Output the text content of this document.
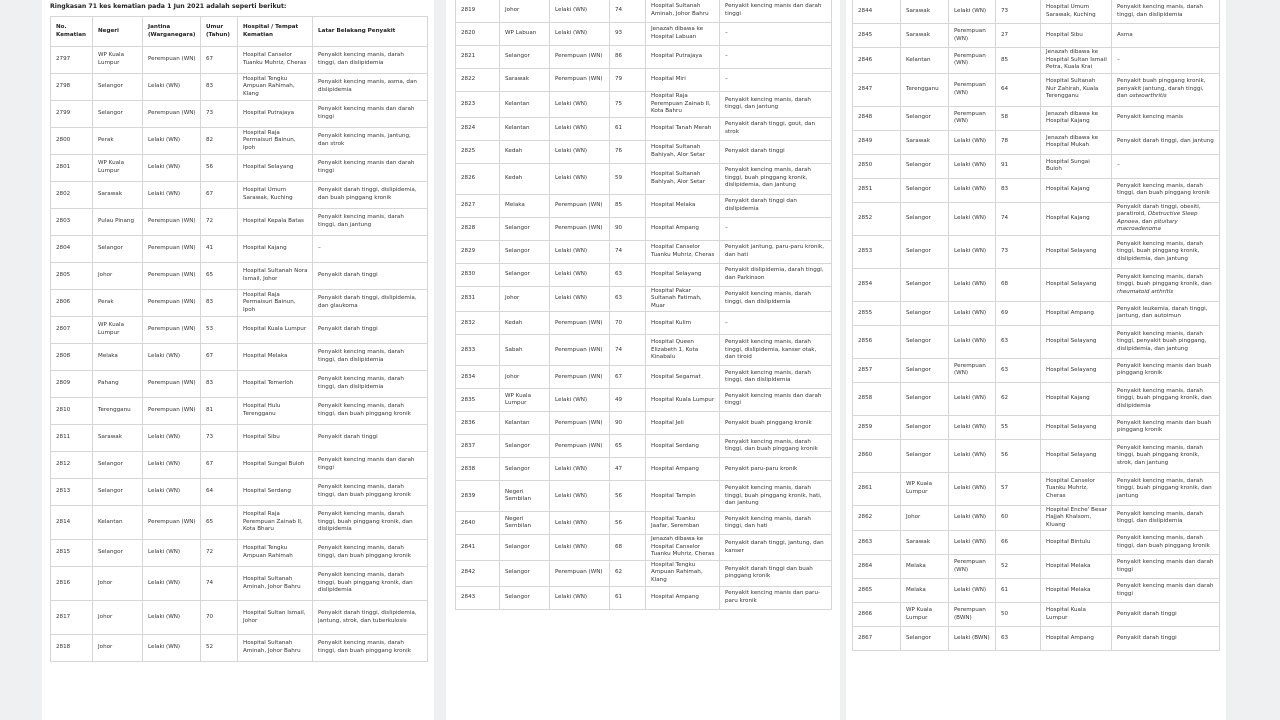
Ringkasan 71 kes kematian pada 1 Jun 2021 adalah seperti berikut:
No. Kematian	Negeri	Jantina (Warganegara)	Umur (Tahun)	Hospital / Tempat Kematian	Latar Belakang Penyakit
2797	WP Kuala Lumpur	Perempuan (WN)	67	Hospital Canselor Tuanku Muhriz, Cheras	Penyakit kencing manis, darah tinggi, dan dislipidemia
2798	Selangor	Lelaki (WN)	83	Hospital Tengku Ampuan Rahimah, Klang	Penyakit kencing manis, asma, dan dislipidemia
2799	Selangor	Perempuan (WN)	73	Hospital Putrajaya	Penyakit kencing manis dan darah tinggi
2800	Perak	Lelaki (WN)	82	Hospital Raja Permaisuri Bainun, Ipoh	Penyakit kencing manis, jantung, dan strok
2801	WP Kuala Lumpur	Lelaki (WN)	56	Hospital Selayang	Penyakit kencing manis dan darah tinggi
2802	Sarawak	Lelaki (WN)	67	Hospital Umum Sarawak, Kuching	Penyakit darah tinggi, dislipidemia, dan buah pinggang kronik
2803	Pulau Pinang	Perempuan (WN)	72	Hospital Kepala Batas	Penyakit kencing manis, darah tinggi, dan jantung
2804	Selangor	Perempuan (WN)	41	Hospital Kajang	–
2805	Johor	Perempuan (WN)	65	Hospital Sultanah Nora Ismail, Johor	Penyakit darah tinggi
2806	Perak	Perempuan (WN)	83	Hospital Raja Permaisuri Bainun, Ipoh	Penyakit darah tinggi, dislipidemia, dan glaukoma
2807	WP Kuala Lumpur	Perempuan (WN)	53	Hospital Kuala Lumpur	Penyakit darah tinggi
2808	Melaka	Lelaki (WN)	67	Hospital Melaka	Penyakit kencing manis, darah tinggi, dan dislipidemia
2809	Pahang	Perempuan (WN)	83	Hospital Temerloh	Penyakit kencing manis, darah tinggi, dan dislipidemia
2810	Terengganu	Perempuan (WN)	81	Hospital Hulu Terengganu	Penyakit kencing manis, darah tinggi, dan buah pinggang kronik
2811	Sarawak	Lelaki (WN)	73	Hospital Sibu	Penyakit darah tinggi
2812	Selangor	Lelaki (WN)	67	Hospital Sungai Buloh	Penyakit kencing manis dan darah tinggi
2813	Selangor	Lelaki (WN)	64	Hospital Serdang	Penyakit kencing manis, darah tinggi, dan buah pinggang kronik
2814	Kelantan	Perempuan (WN)	65	Hospital Raja Perempuan Zainab II, Kota Bharu	Penyakit kencing manis, darah tinggi, buah pinggang kronik, dan dislipidemia
2815	Selangor	Lelaki (WN)	72	Hospital Tengku Ampuan Rahimah	Penyakit kencing manis, darah tinggi, dan buah pinggang kronik
2816	Johor	Lelaki (WN)	74	Hospital Sultanah Aminah, Johor Bahru	Penyakit kencing manis, darah tinggi, buah pinggang kronik, dan dislipidemia
2817	Johor	Lelaki (WN)	70	Hospital Sultan Ismail, Johor	Penyakit darah tinggi, dislipidemia, jantung, strok, dan tuberkulosis
2818	Johor	Lelaki (WN)	52	Hospital Sultanah Aminah, Johor Bahru	Penyakit kencing manis, darah tinggi, dan buah pinggang kronik
2819	Johor	Lelaki (WN)	74	Hospital Sultanah Aminah, Johor Bahru	Penyakit kencing manis dan darah tinggi
2820	WP Labuan	Lelaki (WN)	93	Jenazah dibawa ke Hospital Labuan	–
2821	Selangor	Perempuan (WN)	86	Hospital Putrajaya	–
2822	Sarawak	Perempuan (WN)	79	Hospital Miri	–
2823	Kelantan	Lelaki (WN)	75	Hospital Raja Perempuan Zainab II, Kota Bahru	Penyakit kencing manis, darah tinggi, dan jantung
2824	Kelantan	Lelaki (WN)	61	Hospital Tanah Merah	Penyakit darah tinggi, gout, dan strok
2825	Kedah	Lelaki (WN)	76	Hospital Sultanah Bahiyah, Alor Setar	Penyakit darah tinggi
2826	Kedah	Lelaki (WN)	59	Hospital Sultanah Bahiyah, Alor Setar	Penyakit kencing manis, darah tinggi, buah pinggang kronik, dislipidemia, dan jantung
2827	Melaka	Perempuan (WN)	85	Hospital Melaka	Penyakit darah tinggi dan dislipidemia
2828	Selangor	Perempuan (WN)	90	Hospital Ampang	–
2829	Selangor	Lelaki (WN)	74	Hospital Canselor Tuanku Muhriz, Cheras	Penyakit jantung, paru-paru kronik, dan hati
2830	Selangor	Lelaki (WN)	63	Hospital Selayang	Penyakit dislipidemia, darah tinggi, dan Parkinson
2831	Johor	Lelaki (WN)	63	Hospital Pakar Sultanah Fatimah, Muar	Penyakit kencing manis, darah tinggi, dan dislipidemia
2832	Kedah	Perempuan (WN)	70	Hospital Kulim	–
2833	Sabah	Perempuan (WN)	74	Hospital Queen Elizabeth 1, Kota Kinabalu	Penyakit kencing manis, darah tinggi, dislipidemia, kanser otak, dan tiroid
2834	Johor	Perempuan (WN)	67	Hospital Segamat	Penyakit kencing manis, darah tinggi, dan dislipidemia
2835	WP Kuala Lumpur	Lelaki (WN)	49	Hospital Kuala Lumpur	Penyakit kencing manis dan darah tinggi
2836	Kelantan	Perempuan (WN)	90	Hospital Jeli	Penyakit buah pinggang kronik
2837	Selangor	Perempuan (WN)	65	Hospital Serdang	Penyakit kencing manis, darah tinggi, dan buah pinggang kronik
2838	Selangor	Lelaki (WN)	47	Hospital Ampang	Penyakit paru-paru kronik
2839	Negeri Sembilan	Lelaki (WN)	56	Hospital Tampin	Penyakit kencing manis, darah tinggi, buah pinggang kronik, hati, dan jantung
2840	Negeri Sembilan	Lelaki (WN)	56	Hospital Tuanku Jaafar, Seremban	Penyakit kencing manis, darah tinggi, dan hati
2841	Selangor	Lelaki (WN)	68	Jenazah dibawa ke Hospital Canselor Tuanku Muhriz, Cheras	Penyakit darah tinggi, jantung, dan kanser
2842	Selangor	Perempuan (WN)	62	Hospital Tengku Ampuan Rahimah, Klang	Penyakit darah tinggi dan buah pinggang kronik
2843	Selangor	Lelaki (WN)	61	Hospital Ampang	Penyakit kencing manis dan paru-paru kronik
2844	Sarawak	Lelaki (WN)	73	Hospital Umum Sarawak, Kuching	Penyakit kencing manis, darah tinggi, dan dislipidemia
2845	Sarawak	Perempuan (WN)	27	Hospital Sibu	Asma
2846	Kelantan	Perempuan (WN)	85	Jenazah dibawa ke Hospital Sultan Ismail Petra, Kuala Krai	–
2847	Terengganu	Perempuan (WN)	64	Hospital Sultanah Nur Zahirah, Kuala Terengganu	Penyakit buah pinggang kronik, penyakit jantung, darah tinggi, dan osteoarthritis
2848	Selangor	Perempuan (WN)	58	Jenazah dibawa ke Hospital Kajang	Penyakit kencing manis
2849	Sarawak	Lelaki (WN)	78	Jenazah dibawa ke Hospital Mukah	Penyakit darah tinggi, dan jantung
2850	Selangor	Lelaki (WN)	91	Hospital Sungai Buloh	–
2851	Selangor	Lelaki (WN)	83	Hospital Kajang	Penyakit kencing manis, darah tinggi, dan buah pinggang kronik
2852	Selangor	Lelaki (WN)	74	Hospital Kajang	Penyakit darah tinggi, obesiti, paratiroid, Obstructive Sleep Apnoea, dan pituitary macroadenoma
2853	Selangor	Lelaki (WN)	73	Hospital Selayang	Penyakit kencing manis, darah tinggi, buah pinggang kronik, dislipidemia, dan jantung
2854	Selangor	Lelaki (WN)	68	Hospital Selayang	Penyakit kencing manis, darah tinggi, buah pinggang kronik, dan rheumatoid arthritis
2855	Selangor	Lelaki (WN)	69	Hospital Ampang	Penyakit leukemia, darah tinggi, jantung, dan autoimun
2856	Selangor	Lelaki (WN)	63	Hospital Selayang	Penyakit kencing manis, darah tinggi, penyakit buah pinggang, dislipidemia, dan jantung
2857	Selangor	Perempuan (WN)	63	Hospital Selayang	Penyakit kencing manis dan buah pinggang kronik
2858	Selangor	Lelaki (WN)	62	Hospital Kajang	Penyakit kencing manis, darah tinggi, buah pinggang kronik, dan dislipidemia
2859	Selangor	Lelaki (WN)	55	Hospital Selayang	Penyakit kencing manis dan buah pinggang kronik
2860	Selangor	Lelaki (WN)	56	Hospital Selayang	Penyakit kencing manis, darah tinggi, buah pinggang kronik, strok, dan jantung
2861	WP Kuala Lumpur	Lelaki (WN)	57	Hospital Canselor Tuanku Muhriz, Cheras	Penyakit kencing manis, darah tinggi, buah pinggang kronik, dan jantung
2862	Johor	Lelaki (WN)	60	Hospital Enche' Besar Hajjah Khalsom, Kluang	Penyakit kencing manis, darah tinggi, dan dislipidemia
2863	Sarawak	Lelaki (WN)	66	Hospital Bintulu	Penyakit kencing manis, darah tinggi, dan buah pinggang kronik
2864	Melaka	Perempuan (WN)	52	Hospital Melaka	Penyakit kencing manis dan darah tinggi
2865	Melaka	Lelaki (WN)	61	Hospital Melaka	Penyakit kencing manis dan darah tinggi
2866	WP Kuala Lumpur	Perempuan (BWN)	50	Hospital Kuala Lumpur	Penyakit darah tinggi
2867	Selangor	Lelaki (BWN)	63	Hospital Ampang	Penyakit darah tinggi
